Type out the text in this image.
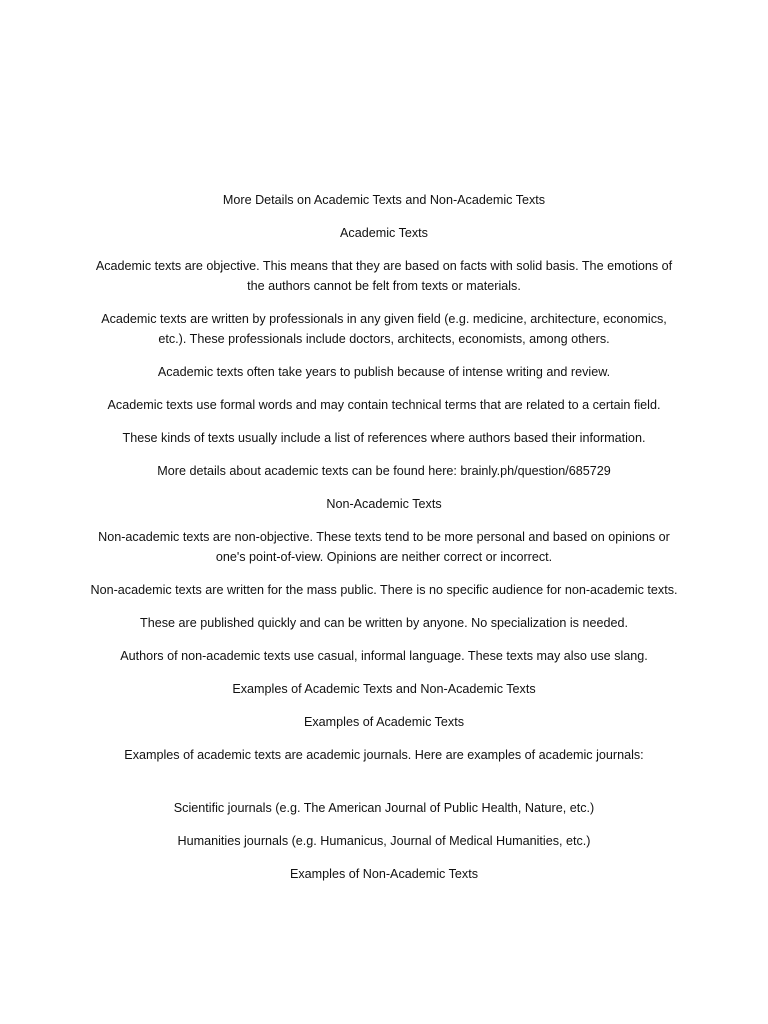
More Details on Academic Texts and Non-Academic Texts

Academic Texts

Academic texts are objective. This means that they are based on facts with solid basis. The emotions of the authors cannot be felt from texts or materials.

Academic texts are written by professionals in any given field (e.g. medicine, architecture, economics, etc.). These professionals include doctors, architects, economists, among others.

Academic texts often take years to publish because of intense writing and review.

Academic texts use formal words and may contain technical terms that are related to a certain field.

These kinds of texts usually include a list of references where authors based their information.

More details about academic texts can be found here: brainly.ph/question/685729

Non-Academic Texts

Non-academic texts are non-objective. These texts tend to be more personal and based on opinions or one's point-of-view. Opinions are neither correct or incorrect.

Non-academic texts are written for the mass public. There is no specific audience for non-academic texts.

These are published quickly and can be written by anyone. No specialization is needed.

Authors of non-academic texts use casual, informal language. These texts may also use slang.

Examples of Academic Texts and Non-Academic Texts

Examples of Academic Texts

Examples of academic texts are academic journals. Here are examples of academic journals:

Scientific journals (e.g. The American Journal of Public Health, Nature, etc.)

Humanities journals (e.g. Humanicus, Journal of Medical Humanities, etc.)

Examples of Non-Academic Texts
